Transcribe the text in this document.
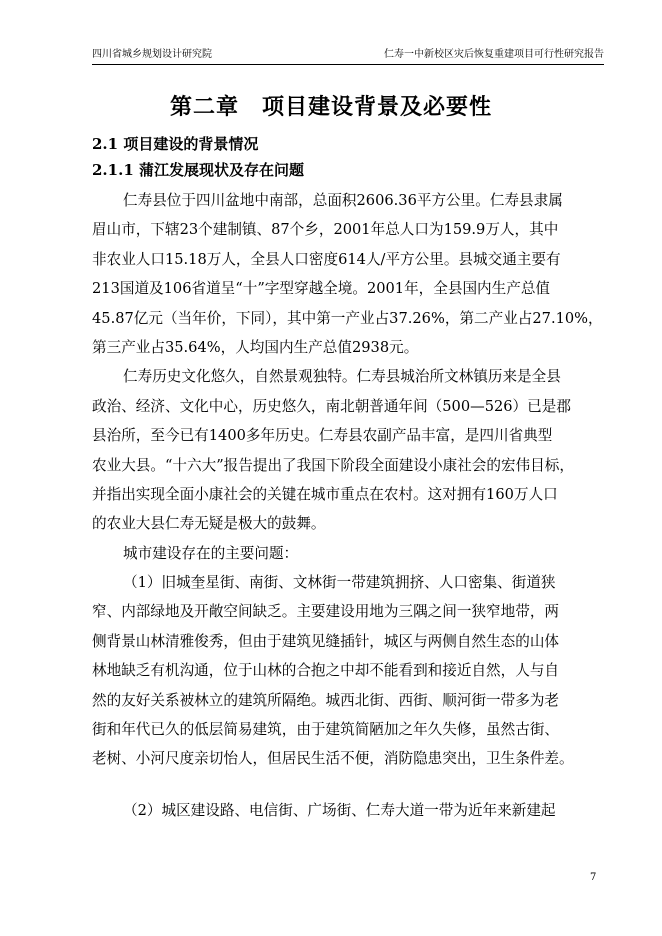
四川省城乡规划设计研究院	仁寿一中新校区灾后恢复重建项目可行性研究报告
第二章　项目建设背景及必要性
2.1 项目建设的背景情况
2.1.1 蒲江发展现状及存在问题
仁寿县位于四川盆地中南部，总面积2606.36平方公里。仁寿县隶属
眉山市，下辖23个建制镇、87个乡，2001年总人口为159.9万人，其中
非农业人口15.18万人，全县人口密度614人/平方公里。县城交通主要有
213国道及106省道呈“十”字型穿越全境。2001年，全县国内生产总值
45.87亿元（当年价，下同），其中第一产业占37.26%，第二产业占27.10%，
第三产业占35.64%，人均国内生产总值2938元。
仁寿历史文化悠久，自然景观独特。仁寿县城治所文林镇历来是全县
政治、经济、文化中心，历史悠久，南北朝普通年间（500—526）已是郡
县治所，至今已有1400多年历史。仁寿县农副产品丰富，是四川省典型
农业大县。“十六大”报告提出了我国下阶段全面建设小康社会的宏伟目标，
并指出实现全面小康社会的关键在城市重点在农村。这对拥有160万人口
的农业大县仁寿无疑是极大的鼓舞。
城市建设存在的主要问题：
（1）旧城奎星街、南街、文林街一带建筑拥挤、人口密集、街道狭
窄、内部绿地及开敞空间缺乏。主要建设用地为三隅之间一狭窄地带，两
侧背景山林清雅俊秀，但由于建筑见缝插针，城区与两侧自然生态的山体
林地缺乏有机沟通，位于山林的合抱之中却不能看到和接近自然，人与自
然的友好关系被林立的建筑所隔绝。城西北街、西街、顺河街一带多为老
街和年代已久的低层简易建筑，由于建筑简陋加之年久失修，虽然古街、
老树、小河尺度亲切怡人，但居民生活不便，消防隐患突出，卫生条件差。
（2）城区建设路、电信街、广场街、仁寿大道一带为近年来新建起
7
